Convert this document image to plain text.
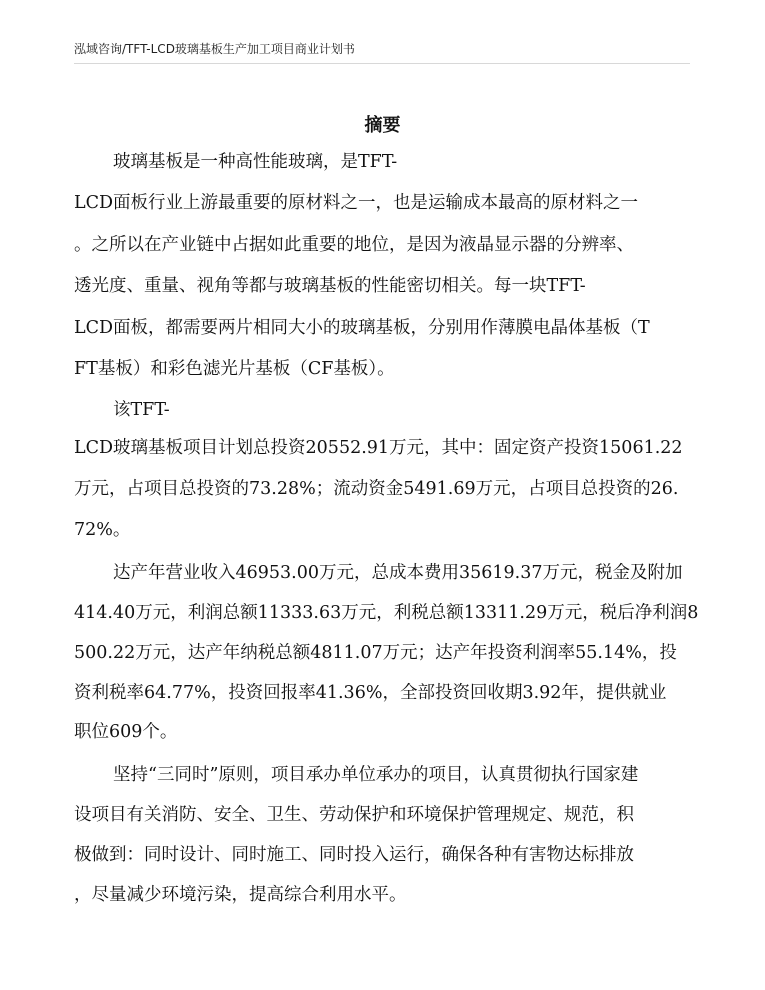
泓域咨询/TFT-LCD玻璃基板生产加工项目商业计划书
摘要
玻璃基板是一种高性能玻璃，是TFT-
LCD面板行业上游最重要的原材料之一，也是运输成本最高的原材料之一
。之所以在产业链中占据如此重要的地位，是因为液晶显示器的分辨率、
透光度、重量、视角等都与玻璃基板的性能密切相关。每一块TFT-
LCD面板，都需要两片相同大小的玻璃基板，分别用作薄膜电晶体基板（T
FT基板）和彩色滤光片基板（CF基板）。
该TFT-
LCD玻璃基板项目计划总投资20552.91万元，其中：固定资产投资15061.22
万元，占项目总投资的73.28%；流动资金5491.69万元，占项目总投资的26.
72%。
达产年营业收入46953.00万元，总成本费用35619.37万元，税金及附加
414.40万元，利润总额11333.63万元，利税总额13311.29万元，税后净利润8
500.22万元，达产年纳税总额4811.07万元；达产年投资利润率55.14%，投
资利税率64.77%，投资回报率41.36%，全部投资回收期3.92年，提供就业
职位609个。
坚持“三同时”原则，项目承办单位承办的项目，认真贯彻执行国家建
设项目有关消防、安全、卫生、劳动保护和环境保护管理规定、规范，积
极做到：同时设计、同时施工、同时投入运行，确保各种有害物达标排放
，尽量减少环境污染，提高综合利用水平。
